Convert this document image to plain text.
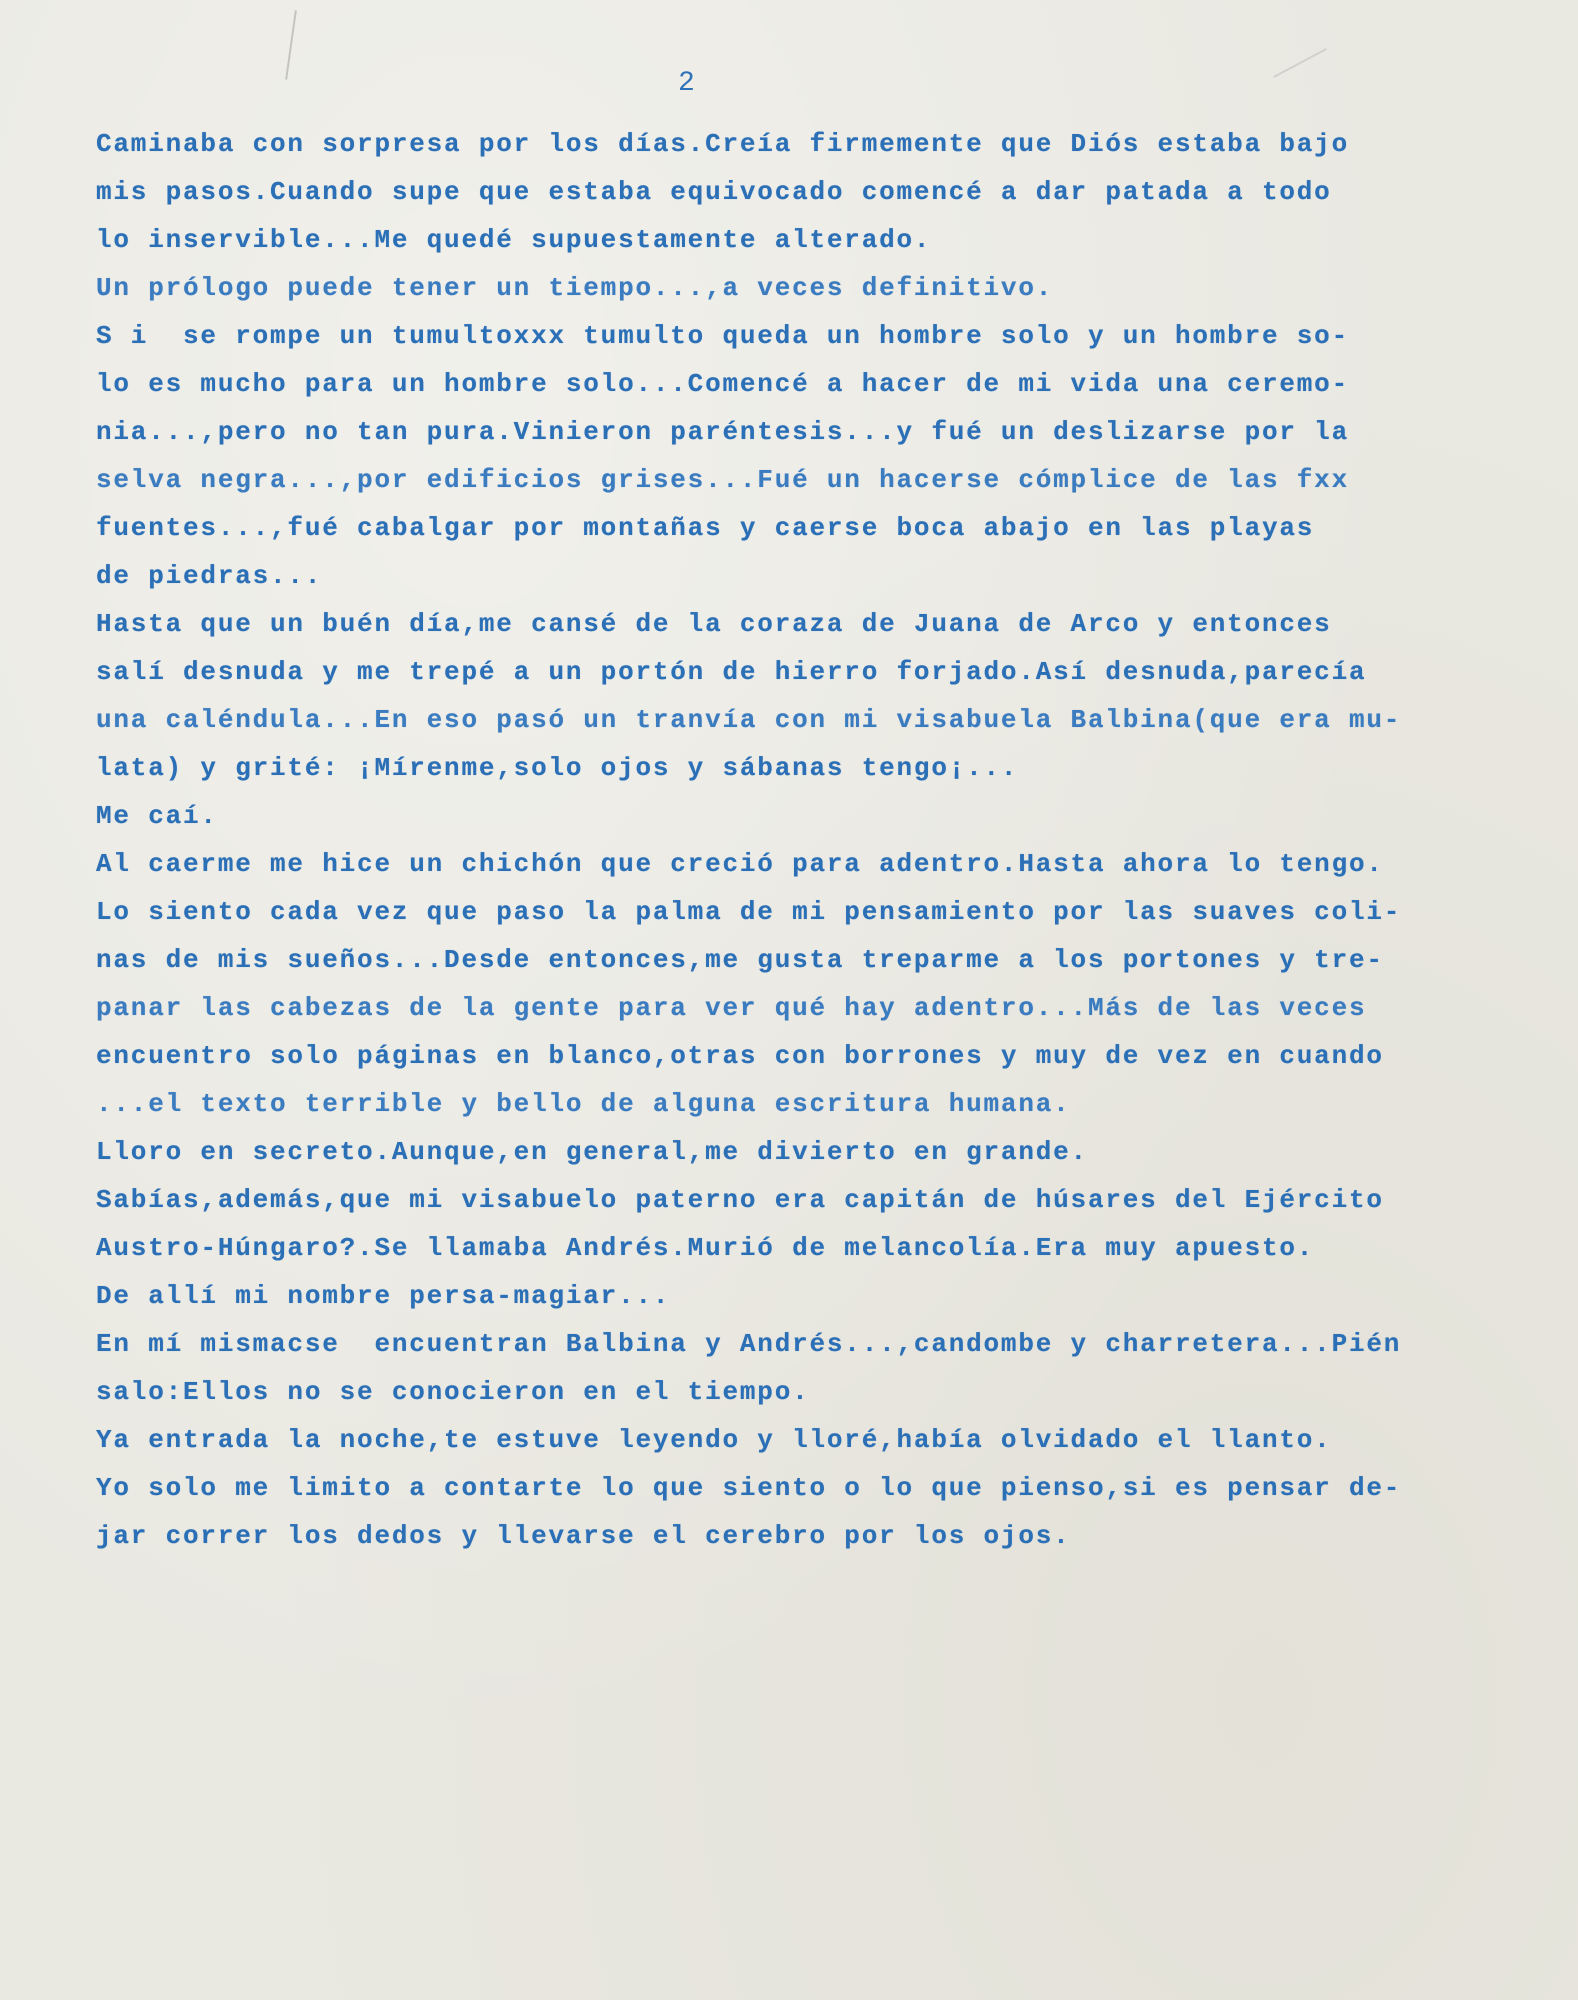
2
Caminaba con sorpresa por los días.Creía firmemente que Diós estaba bajo
mis pasos.Cuando supe que estaba equivocado comencé a dar patada a todo
lo inservible...Me quedé supuestamente alterado.
Un prólogo puede tener un tiempo...,a veces definitivo.
S i  se rompe un tumultoxxx tumulto queda un hombre solo y un hombre so-
lo es mucho para un hombre solo...Comencé a hacer de mi vida una ceremo-
nia...,pero no tan pura.Vinieron paréntesis...y fué un deslizarse por la
selva negra...,por edificios grises...Fué un hacerse cómplice de las fxx
fuentes...,fué cabalgar por montañas y caerse boca abajo en las playas
de piedras...
Hasta que un buén día,me cansé de la coraza de Juana de Arco y entonces
salí desnuda y me trepé a un portón de hierro forjado.Así desnuda,parecía
una caléndula...En eso pasó un tranvía con mi visabuela Balbina(que era mu-
lata) y grité: ¡Mírenme,solo ojos y sábanas tengo¡...
Me caí.
Al caerme me hice un chichón que creció para adentro.Hasta ahora lo tengo.
Lo siento cada vez que paso la palma de mi pensamiento por las suaves coli-
nas de mis sueños...Desde entonces,me gusta treparme a los portones y tre-
panar las cabezas de la gente para ver qué hay adentro...Más de las veces
encuentro solo páginas en blanco,otras con borrones y muy de vez en cuando
...el texto terrible y bello de alguna escritura humana.
Lloro en secreto.Aunque,en general,me divierto en grande.
Sabías,además,que mi visabuelo paterno era capitán de húsares del Ejército
Austro-Húngaro?.Se llamaba Andrés.Murió de melancolía.Era muy apuesto.
De allí mi nombre persa-magiar...
En mí mismacse  encuentran Balbina y Andrés...,candombe y charretera...Pién
salo:Ellos no se conocieron en el tiempo.
Ya entrada la noche,te estuve leyendo y lloré,había olvidado el llanto.
Yo solo me limito a contarte lo que siento o lo que pienso,si es pensar de-
jar correr los dedos y llevarse el cerebro por los ojos.
